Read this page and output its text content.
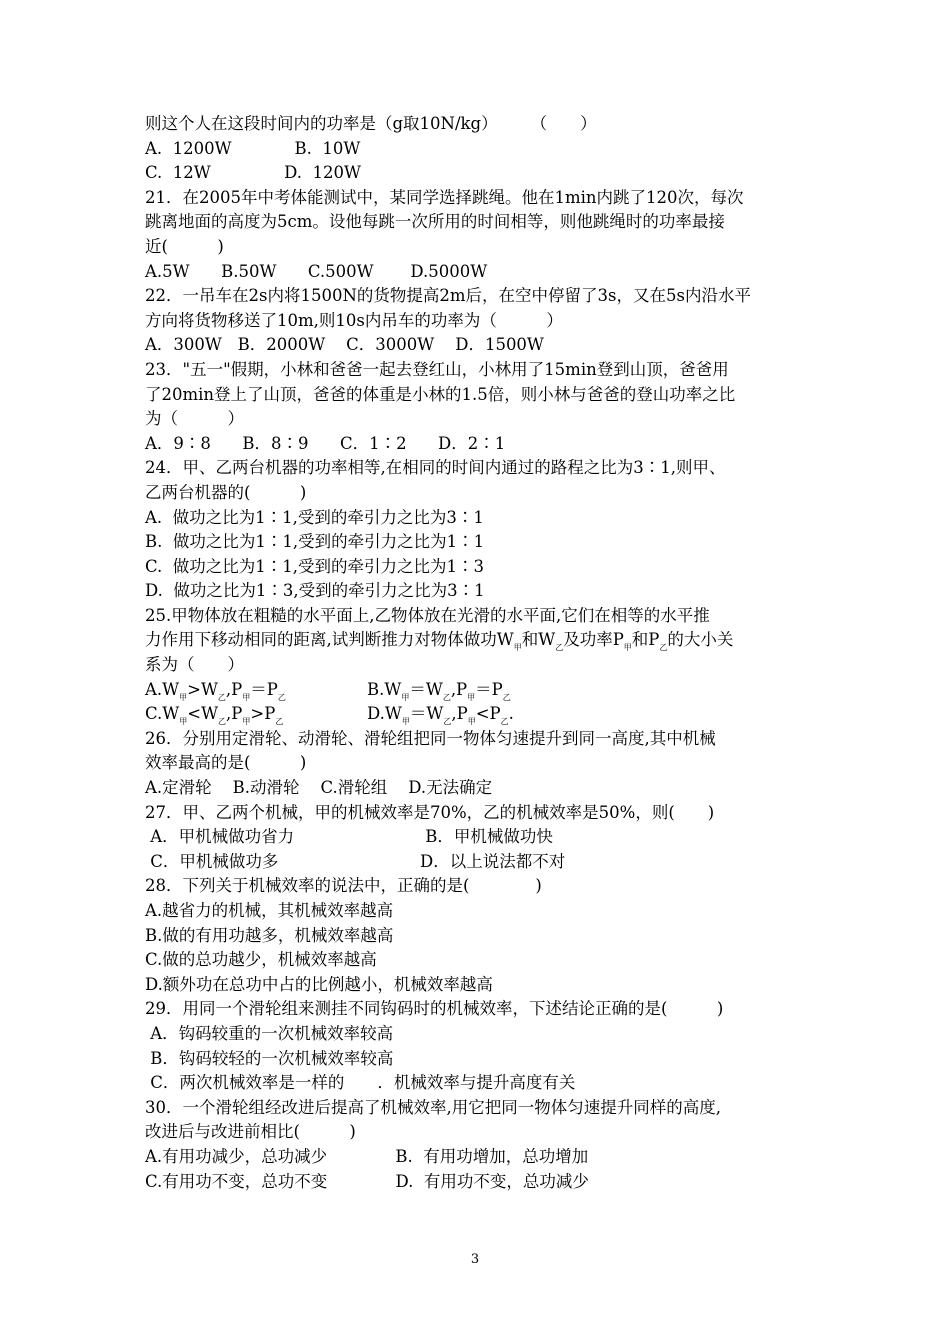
则这个人在这段时间内的功率是（g取10N/kg）　　　（　　）
A.  1200W            B.  10W
C.  12W              D.  120W
21．在2005年中考体能测试中，某同学选择跳绳。他在1min内跳了120次，每次
跳离地面的高度为5cm。设他每跳一次所用的时间相等，则他跳绳时的功率最接
近(　　　)
A.5W      B.50W      C.500W       D.5000W
22．一吊车在2s内将1500N的货物提高2m后，在空中停留了3s，又在5s内沿水平
方向将货物移送了10m,则10s内吊车的功率为（　　　）
A．300W   B．2000W    C．3000W    D．1500W
23．"五一"假期，小林和爸爸一起去登红山，小林用了15min登到山顶，爸爸用
了20min登上了山顶，爸爸的体重是小林的1.5倍，则小林与爸爸的登山功率之比
为（　　　）
A．9∶8      B．8∶9      C．1∶2      D．2∶1
24．甲、乙两台机器的功率相等,在相同的时间内通过的路程之比为3∶1,则甲、
乙两台机器的(　　　)
A.  做功之比为1∶1,受到的牵引力之比为3∶1
B.  做功之比为1∶1,受到的牵引力之比为1∶1
C.  做功之比为1∶1,受到的牵引力之比为1∶3
D.  做功之比为1∶3,受到的牵引力之比为3∶1
25.甲物体放在粗糙的水平面上,乙物体放在光滑的水平面,它们在相等的水平推
力作用下移动相同的距离,试判断推力对物体做功$W_甲$和$W_乙$及功率$P_甲$和$P_乙$的大小关
系为（　　）
$A.W_甲>W_乙,P_甲=P_乙$	$B.W_甲=W_乙,P_甲=P_乙$
$C.W_甲<W_乙,P_甲>P_乙$	$D.W_甲=W_乙,P_甲<P_乙$.
26．分别用定滑轮、动滑轮、滑轮组把同一物体匀速提升到同一高度,其中机械
效率最高的是(　　　)
A.定滑轮    B.动滑轮    C.滑轮组    D.无法确定
27．甲、乙两个机械，甲的机械效率是70%，乙的机械效率是50%，则(　　)
A．甲机械做功省力                         B．甲机械做功快
C．甲机械做功多                           D．以上说法都不对
28．下列关于机械效率的说法中，正确的是(　　　　)
A.越省力的机械，其机械效率越高
B.做的有用功越多，机械效率越高
C.做的总功越少，机械效率越高
D.额外功在总功中占的比例越小，机械效率越高
29．用同一个滑轮组来测挂不同钩码时的机械效率，下述结论正确的是(　　　)
A．钩码较重的一次机械效率较高
B．钩码较轻的一次机械效率较高
C．两次机械效率是一样的　　．机械效率与提升高度有关
30．一个滑轮组经改进后提高了机械效率,用它把同一物体匀速提升同样的高度,
改进后与改进前相比(　　　)
A.有用功减少，总功减少             B.  有用功增加，总功增加
C.有用功不变，总功不变             D.  有用功不变，总功减少
3
